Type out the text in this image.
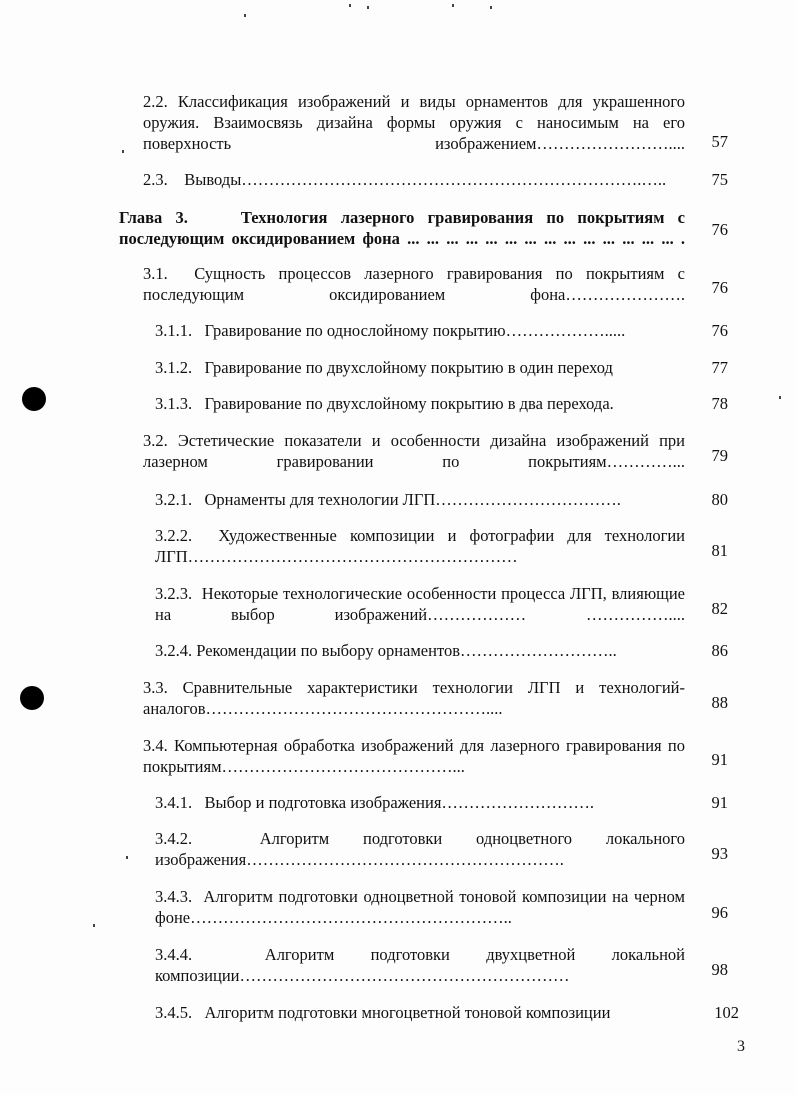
2.2. Классификация изображений и виды орнаментов для украшенного оружия. Взаимосвязь дизайна формы оружия с наносимым на его поверхность изображением……………………....	57
2.3. Выводы……………………………………………………………….…..	75
Глава 3.	Технология лазерного гравирования по покрытиям с последующим оксидированием фона ... ... ... ... ... ... ... ... ... ... ... ... ... ... .	76
3.1. Сущность процессов лазерного гравирования по покрытиям с последующим оксидированием фона………………….	76
3.1.1. Гравирование по однослойному покрытию……………….....	76
3.1.2. Гравирование по двухслойному покрытию в один переход	77
3.1.3. Гравирование по двухслойному покрытию в два перехода.	78
3.2. Эстетические показатели и особенности дизайна изображений при лазерном гравировании по покрытиям…………...	79
3.2.1. Орнаменты для технологии ЛГП…………………………….	80
3.2.2. Художественные композиции и фотографии для технологии ЛГП……………………………………………………	81
3.2.3. Некоторые технологические особенности процесса ЛГП, влияющие на выбор изображений……………… ……………....	82
3.2.4. Рекомендации по выбору орнаментов………………………..	86
3.3. Сравнительные характеристики технологии ЛГП и технологий-аналогов……………………………………………....	88
3.4. Компьютерная обработка изображений для лазерного гравирования по покрытиям……………………………………...	91
3.4.1. Выбор и подготовка изображения……………………….	91
3.4.2.	Алгоритм подготовки одноцветного локального изображения………………………………………………….	93
3.4.3. Алгоритм подготовки одноцветной тоновой композиции на черном фоне…………………………………………………..	96
3.4.4.	Алгоритм подготовки двухцветной локальной композиции……………………………………………………	98
3.4.5. Алгоритм подготовки многоцветной тоновой композиции	102
3
